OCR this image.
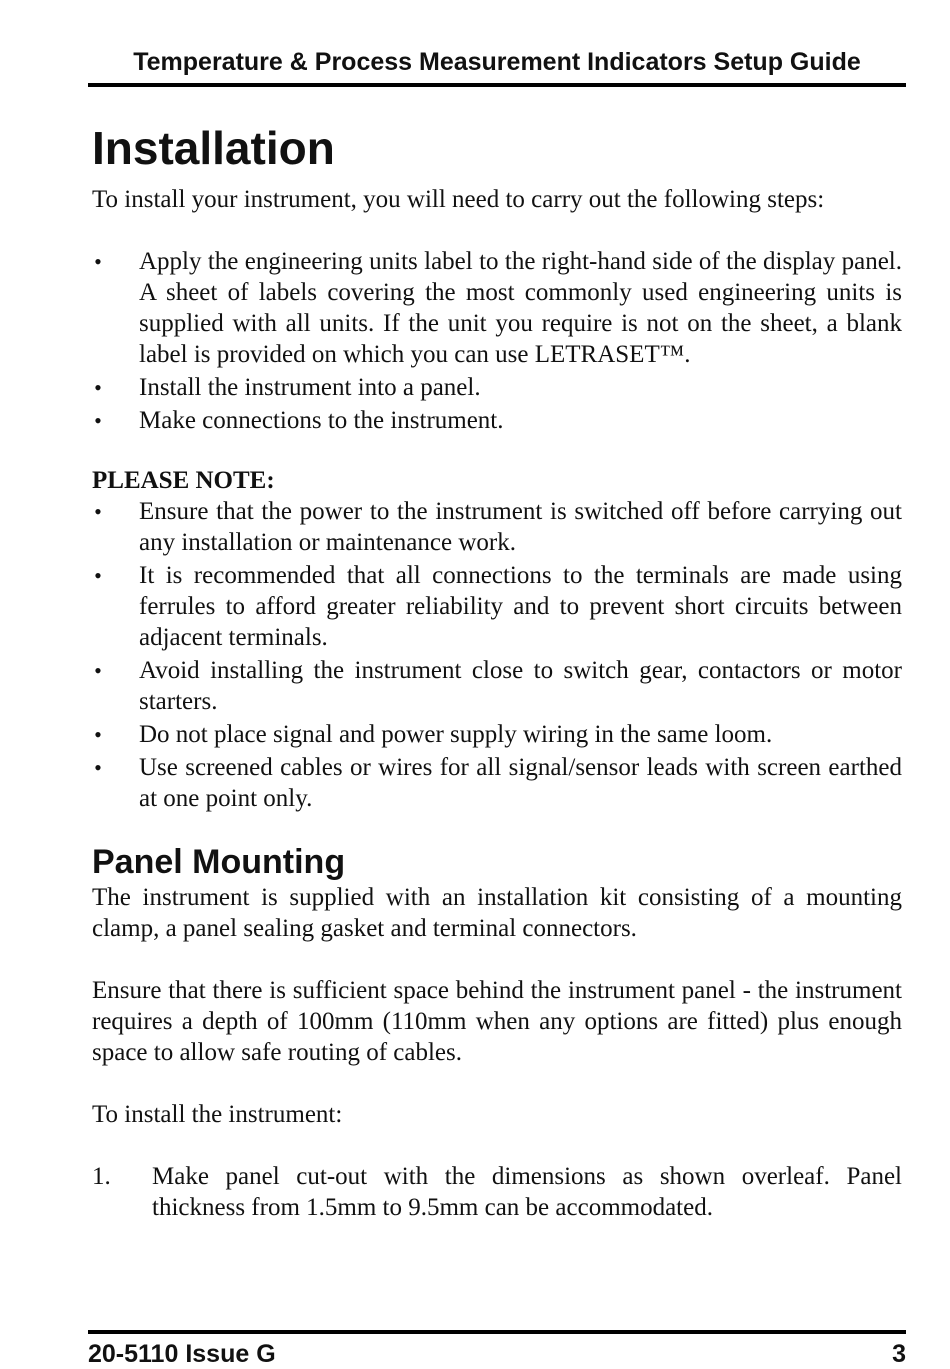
Temperature & Process Measurement Indicators Setup Guide
Installation

To install your instrument, you will need to carry out the following steps:

• Apply the engineering units label to the right-hand side of the display panel. A sheet of labels covering the most commonly used engineering units is supplied with all units. If the unit you require is not on the sheet, a blank label is provided on which you can use LETRASET™.
• Install the instrument into a panel.
• Make connections to the instrument.

PLEASE NOTE:

• Ensure that the power to the instrument is switched off before carrying out any installation or maintenance work.
• It is recommended that all connections to the terminals are made using ferrules to afford greater reliability and to prevent short circuits between adjacent terminals.
• Avoid installing the instrument close to switch gear, contactors or motor starters.
• Do not place signal and power supply wiring in the same loom.
• Use screened cables or wires for all signal/sensor leads with screen earthed at one point only.
Panel Mounting

The instrument is supplied with an installation kit consisting of a mounting clamp, a panel sealing gasket and terminal connectors.

Ensure that there is sufficient space behind the instrument panel - the instrument requires a depth of 100mm (110mm when any options are fitted) plus enough space to allow safe routing of cables.

To install the instrument:

1. Make panel cut-out with the dimensions as shown overleaf. Panel thickness from 1.5mm to 9.5mm can be accommodated.
20-5110 Issue G	3
